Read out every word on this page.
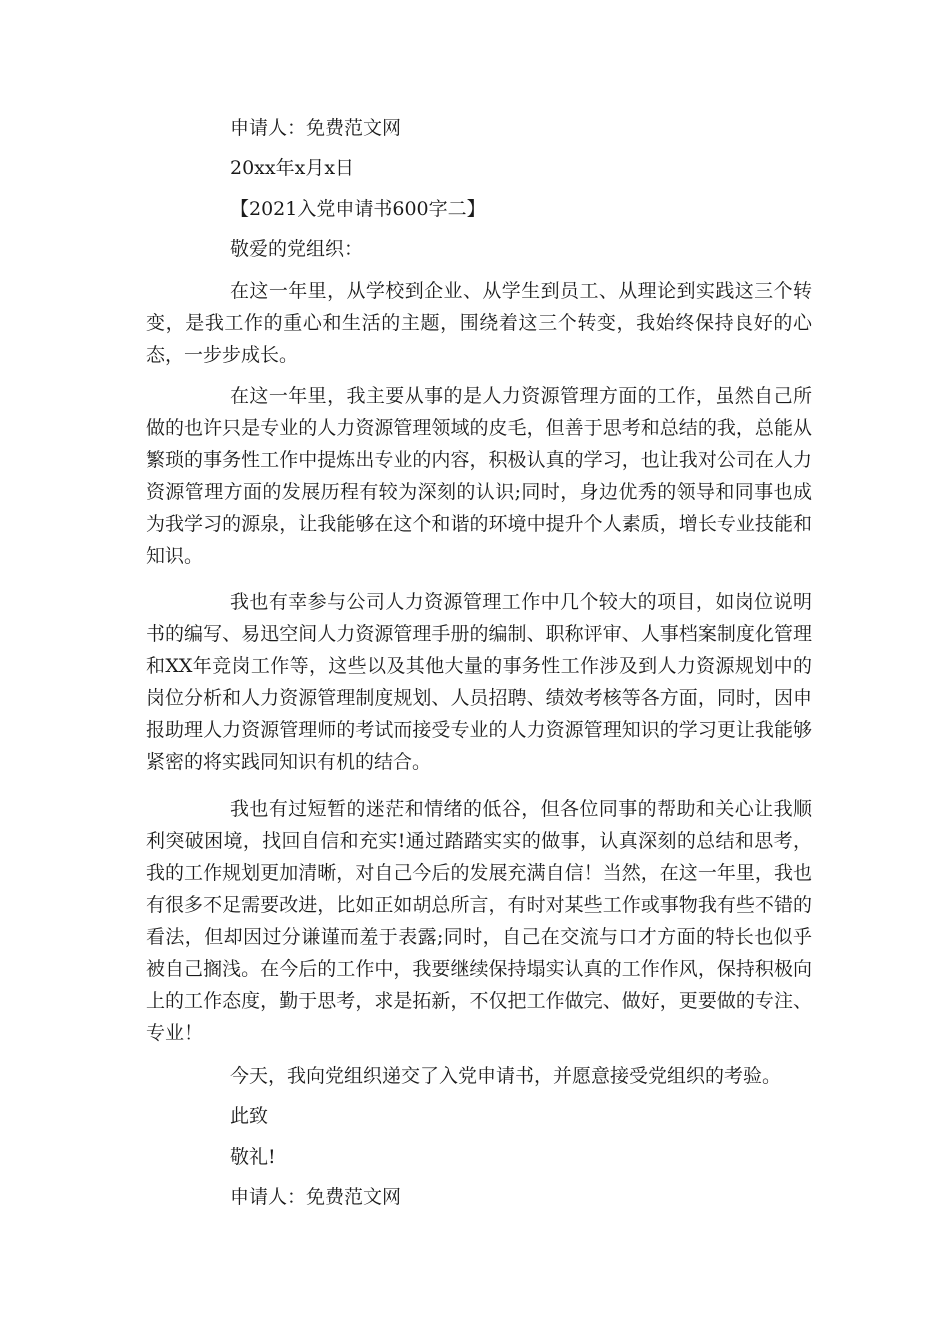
申请人：免费范文网
20xx年x月x日
【2021入党申请书600字二】
敬爱的党组织：

在这一年里，从学校到企业、从学生到员工、从理论到实践这三个转变，是我工作的重心和生活的主题，围绕着这三个转变，我始终保持良好的心态，一步步成长。

在这一年里，我主要从事的是人力资源管理方面的工作，虽然自己所做的也许只是专业的人力资源管理领域的皮毛，但善于思考和总结的我，总能从繁琐的事务性工作中提炼出专业的内容，积极认真的学习，也让我对公司在人力资源管理方面的发展历程有较为深刻的认识;同时，身边优秀的领导和同事也成为我学习的源泉，让我能够在这个和谐的环境中提升个人素质，增长专业技能和知识。

我也有幸参与公司人力资源管理工作中几个较大的项目，如岗位说明书的编写、易迅空间人力资源管理手册的编制、职称评审、人事档案制度化管理和XX年竞岗工作等，这些以及其他大量的事务性工作涉及到人力资源规划中的岗位分析和人力资源管理制度规划、人员招聘、绩效考核等各方面，同时，因申报助理人力资源管理师的考试而接受专业的人力资源管理知识的学习更让我能够紧密的将实践同知识有机的结合。

我也有过短暂的迷茫和情绪的低谷，但各位同事的帮助和关心让我顺利突破困境，找回自信和充实!通过踏踏实实的做事，认真深刻的总结和思考，我的工作规划更加清晰，对自己今后的发展充满自信！当然，在这一年里，我也有很多不足需要改进，比如正如胡总所言，有时对某些工作或事物我有些不错的看法，但却因过分谦谨而羞于表露;同时，自己在交流与口才方面的特长也似乎被自己搁浅。在今后的工作中，我要继续保持塌实认真的工作作风，保持积极向上的工作态度，勤于思考，求是拓新，不仅把工作做完、做好，更要做的专注、专业！

今天，我向党组织递交了入党申请书，并愿意接受党组织的考验。
此致
敬礼!
申请人：免费范文网
